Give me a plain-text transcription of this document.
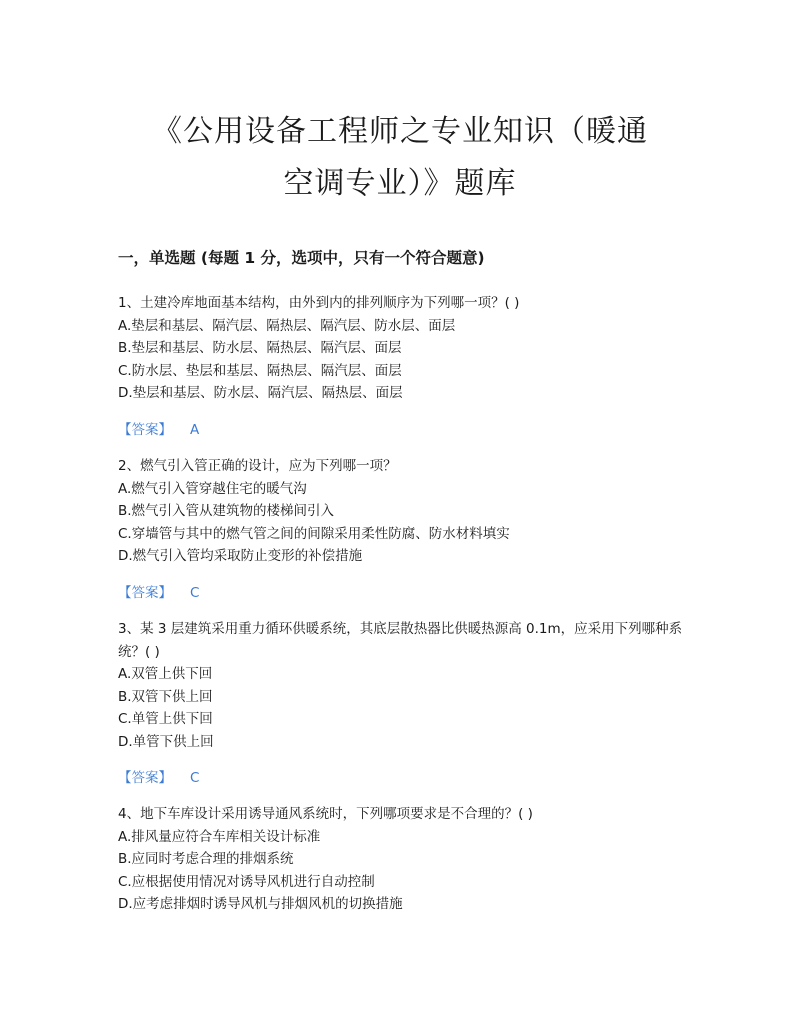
《公用设备工程师之专业知识（暖通
空调专业）》题库
一，单选题 (每题 1 分，选项中，只有一个符合题意)
1、土建冷库地面基本结构，由外到内的排列顺序为下列哪一项？( )
A.垫层和基层、隔汽层、隔热层、隔汽层、防水层、面层
B.垫层和基层、防水层、隔热层、隔汽层、面层
C.防水层、垫层和基层、隔热层、隔汽层、面层
D.垫层和基层、防水层、隔汽层、隔热层、面层
【答案】 A
2、燃气引入管正确的设计，应为下列哪一项？
A.燃气引入管穿越住宅的暖气沟
B.燃气引入管从建筑物的楼梯间引入
C.穿墙管与其中的燃气管之间的间隙采用柔性防腐、防水材料填实
D.燃气引入管均采取防止变形的补偿措施
【答案】 C
3、某 3 层建筑采用重力循环供暖系统，其底层散热器比供暖热源高 0.1m，应采用下列哪种系统？( )
A.双管上供下回
B.双管下供上回
C.单管上供下回
D.单管下供上回
【答案】 C
4、地下车库设计采用诱导通风系统时，下列哪项要求是不合理的？( )
A.排风量应符合车库相关设计标准
B.应同时考虑合理的排烟系统
C.应根据使用情况对诱导风机进行自动控制
D.应考虑排烟时诱导风机与排烟风机的切换措施
